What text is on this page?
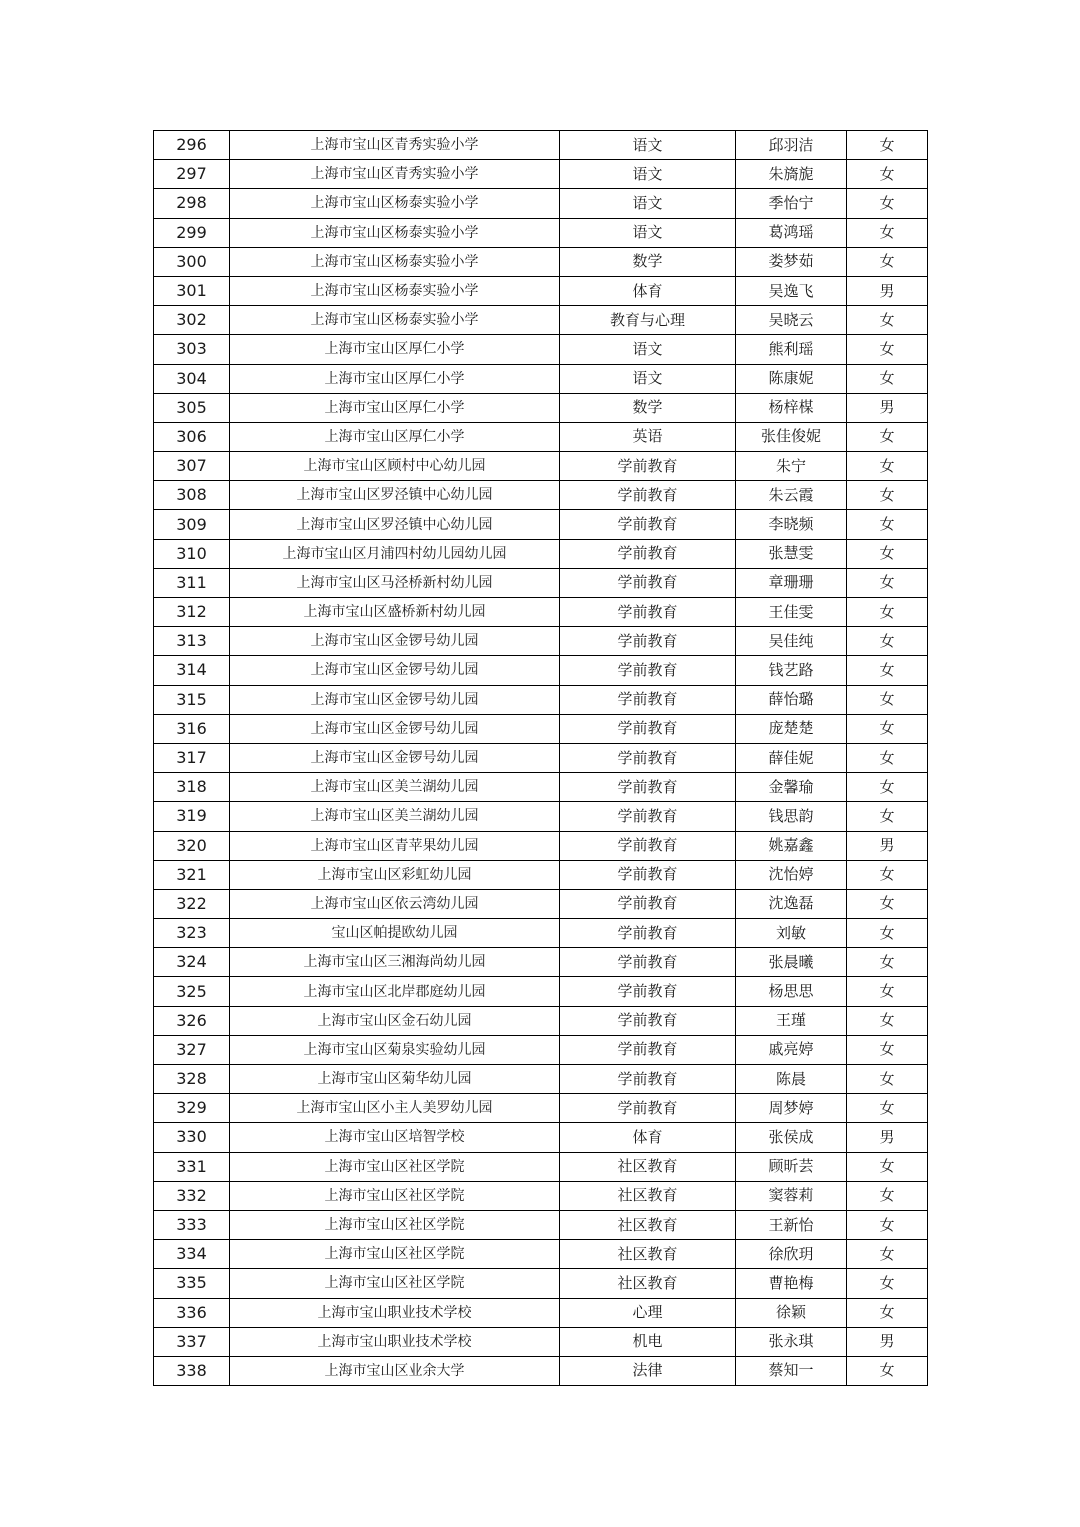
296	上海市宝山区青秀实验小学	语文	邱羽洁	女
297	上海市宝山区青秀实验小学	语文	朱旖旎	女
298	上海市宝山区杨泰实验小学	语文	季怡宁	女
299	上海市宝山区杨泰实验小学	语文	葛鸿瑶	女
300	上海市宝山区杨泰实验小学	数学	娄梦茹	女
301	上海市宝山区杨泰实验小学	体育	吴逸飞	男
302	上海市宝山区杨泰实验小学	教育与心理	吴晓云	女
303	上海市宝山区厚仁小学	语文	熊利瑶	女
304	上海市宝山区厚仁小学	语文	陈康妮	女
305	上海市宝山区厚仁小学	数学	杨梓楳	男
306	上海市宝山区厚仁小学	英语	张佳俊妮	女
307	上海市宝山区顾村中心幼儿园	学前教育	朱宁	女
308	上海市宝山区罗泾镇中心幼儿园	学前教育	朱云霞	女
309	上海市宝山区罗泾镇中心幼儿园	学前教育	李晓频	女
310	上海市宝山区月浦四村幼儿园幼儿园	学前教育	张慧雯	女
311	上海市宝山区马泾桥新村幼儿园	学前教育	章珊珊	女
312	上海市宝山区盛桥新村幼儿园	学前教育	王佳雯	女
313	上海市宝山区金锣号幼儿园	学前教育	吴佳纯	女
314	上海市宝山区金锣号幼儿园	学前教育	钱艺路	女
315	上海市宝山区金锣号幼儿园	学前教育	薛怡璐	女
316	上海市宝山区金锣号幼儿园	学前教育	庞楚楚	女
317	上海市宝山区金锣号幼儿园	学前教育	薛佳妮	女
318	上海市宝山区美兰湖幼儿园	学前教育	金馨瑜	女
319	上海市宝山区美兰湖幼儿园	学前教育	钱思韵	女
320	上海市宝山区青苹果幼儿园	学前教育	姚嘉鑫	男
321	上海市宝山区彩虹幼儿园	学前教育	沈怡婷	女
322	上海市宝山区依云湾幼儿园	学前教育	沈逸磊	女
323	宝山区帕提欧幼儿园	学前教育	刘敏	女
324	上海市宝山区三湘海尚幼儿园	学前教育	张晨曦	女
325	上海市宝山区北岸郡庭幼儿园	学前教育	杨思思	女
326	上海市宝山区金石幼儿园	学前教育	王瑾	女
327	上海市宝山区菊泉实验幼儿园	学前教育	戚亮婷	女
328	上海市宝山区菊华幼儿园	学前教育	陈晨	女
329	上海市宝山区小主人美罗幼儿园	学前教育	周梦婷	女
330	上海市宝山区培智学校	体育	张侯成	男
331	上海市宝山区社区学院	社区教育	顾昕芸	女
332	上海市宝山区社区学院	社区教育	窦蓉莉	女
333	上海市宝山区社区学院	社区教育	王新怡	女
334	上海市宝山区社区学院	社区教育	徐欣玥	女
335	上海市宝山区社区学院	社区教育	曹艳梅	女
336	上海市宝山职业技术学校	心理	徐颖	女
337	上海市宝山职业技术学校	机电	张永琪	男
338	上海市宝山区业余大学	法律	蔡知一	女
